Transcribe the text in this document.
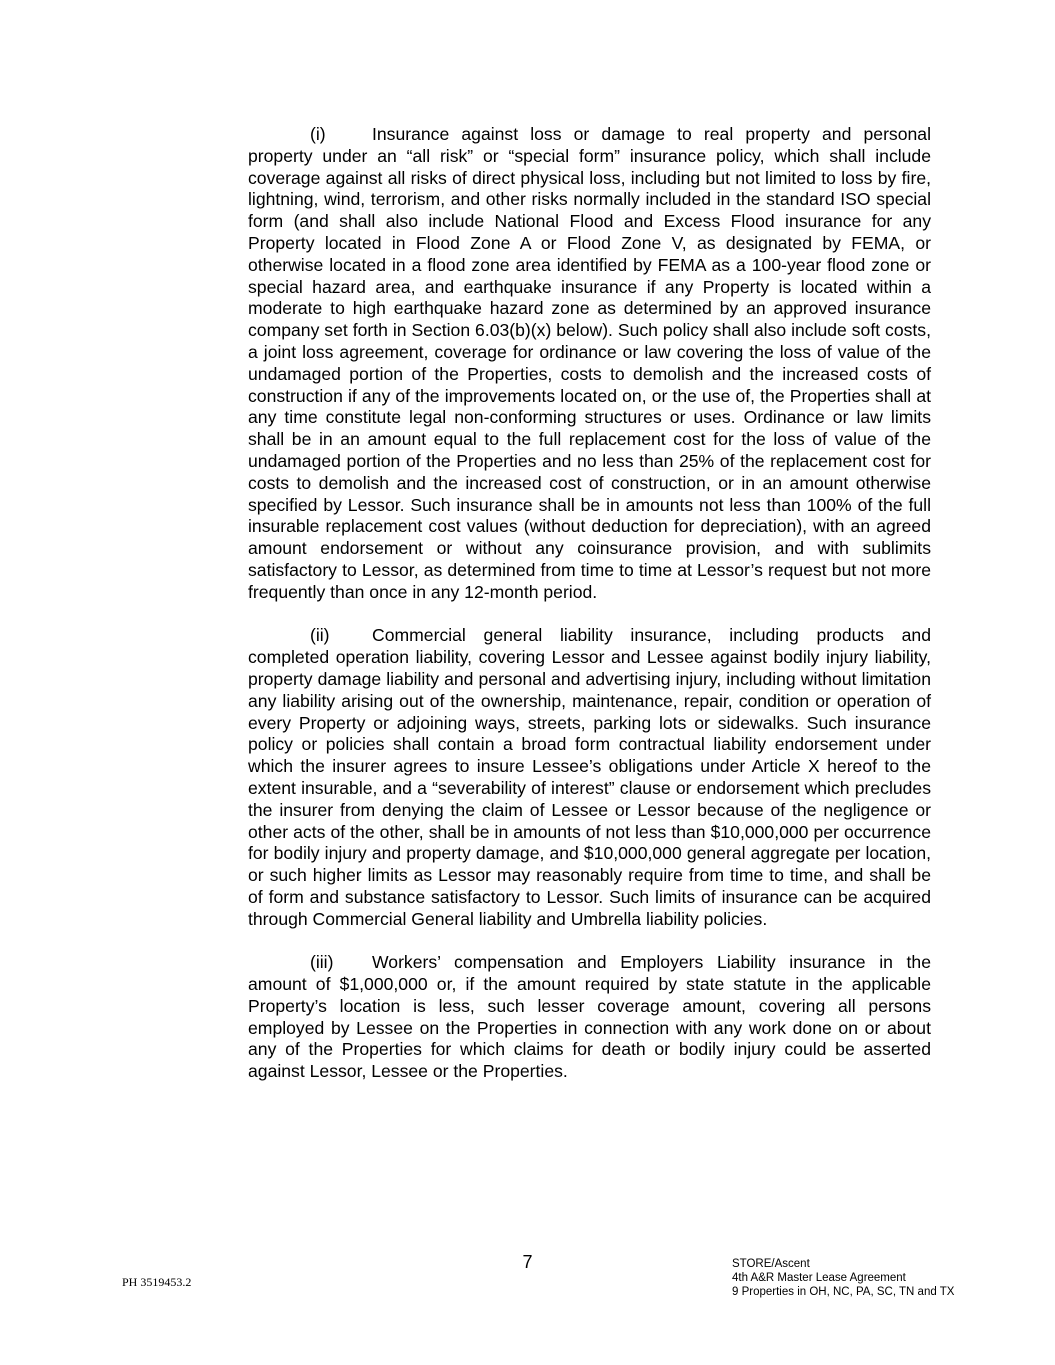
(i)	Insurance against loss or damage to real property and personal property under an “all risk” or “special form” insurance policy, which shall include coverage against all risks of direct physical loss, including but not limited to loss by fire, lightning, wind, terrorism, and other risks normally included in the standard ISO special form (and shall also include National Flood and Excess Flood insurance for any Property located in Flood Zone A or Flood Zone V, as designated by FEMA, or otherwise located in a flood zone area identified by FEMA as a 100-year flood zone or special hazard area, and earthquake insurance if any Property is located within a moderate to high earthquake hazard zone as determined by an approved insurance company set forth in Section 6.03(b)(x) below). Such policy shall also include soft costs, a joint loss agreement, coverage for ordinance or law covering the loss of value of the undamaged portion of the Properties, costs to demolish and the increased costs of construction if any of the improvements located on, or the use of, the Properties shall at any time constitute legal non-conforming structures or uses. Ordinance or law limits shall be in an amount equal to the full replacement cost for the loss of value of the undamaged portion of the Properties and no less than 25% of the replacement cost for costs to demolish and the increased cost of construction, or in an amount otherwise specified by Lessor. Such insurance shall be in amounts not less than 100% of the full insurable replacement cost values (without deduction for depreciation), with an agreed amount endorsement or without any coinsurance provision, and with sublimits satisfactory to Lessor, as determined from time to time at Lessor’s request but not more frequently than once in any 12-month period.

(ii) Commercial general liability insurance, including products and completed operation liability, covering Lessor and Lessee against bodily injury liability, property damage liability and personal and advertising injury, including without limitation any liability arising out of the ownership, maintenance, repair, condition or operation of every Property or adjoining ways, streets, parking lots or sidewalks. Such insurance policy or policies shall contain a broad form contractual liability endorsement under which the insurer agrees to insure Lessee’s obligations under Article X hereof to the extent insurable, and a “severability of interest” clause or endorsement which precludes the insurer from denying the claim of Lessee or Lessor because of the negligence or other acts of the other, shall be in amounts of not less than $10,000,000 per occurrence for bodily injury and property damage, and $10,000,000 general aggregate per location, or such higher limits as Lessor may reasonably require from time to time, and shall be of form and substance satisfactory to Lessor. Such limits of insurance can be acquired through Commercial General liability and Umbrella liability policies.

(iii) Workers’ compensation and Employers Liability insurance in the amount of $1,000,000 or, if the amount required by state statute in the applicable Property’s location is less, such lesser coverage amount, covering all persons employed by Lessee on the Properties in connection with any work done on or about any of the Properties for which claims for death or bodily injury could be asserted against Lessor, Lessee or the Properties.

7
PH 3519453.2
STORE/Ascent
4th A&R Master Lease Agreement
9 Properties in OH, NC, PA, SC, TN and TX
